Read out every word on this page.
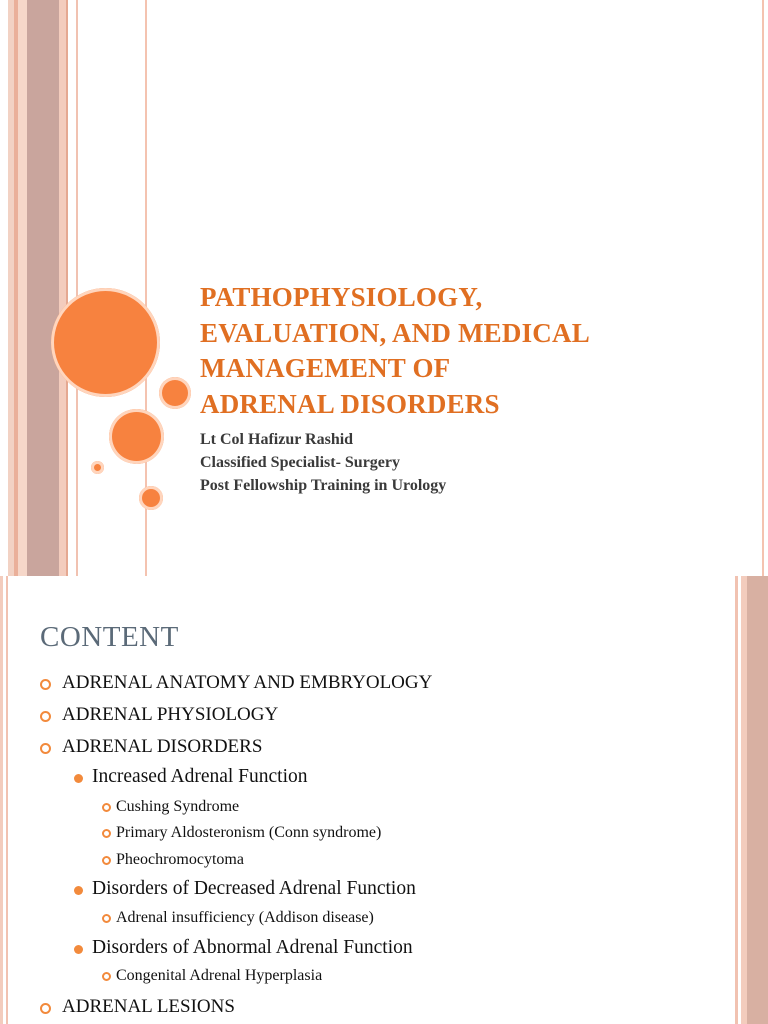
PATHOPHYSIOLOGY,
EVALUATION, AND MEDICAL
MANAGEMENT OF
ADRENAL DISORDERS
Lt Col Hafizur Rashid
Classified Specialist- Surgery
Post Fellowship Training in Urology
CONTENT
ADRENAL ANATOMY AND EMBRYOLOGY
ADRENAL PHYSIOLOGY
ADRENAL DISORDERS
Increased Adrenal Function
Cushing Syndrome
Primary Aldosteronism (Conn syndrome)
Pheochromocytoma
Disorders of Decreased Adrenal Function
Adrenal insufficiency (Addison disease)
Disorders of Abnormal Adrenal Function
Congenital Adrenal Hyperplasia
ADRENAL LESIONS
